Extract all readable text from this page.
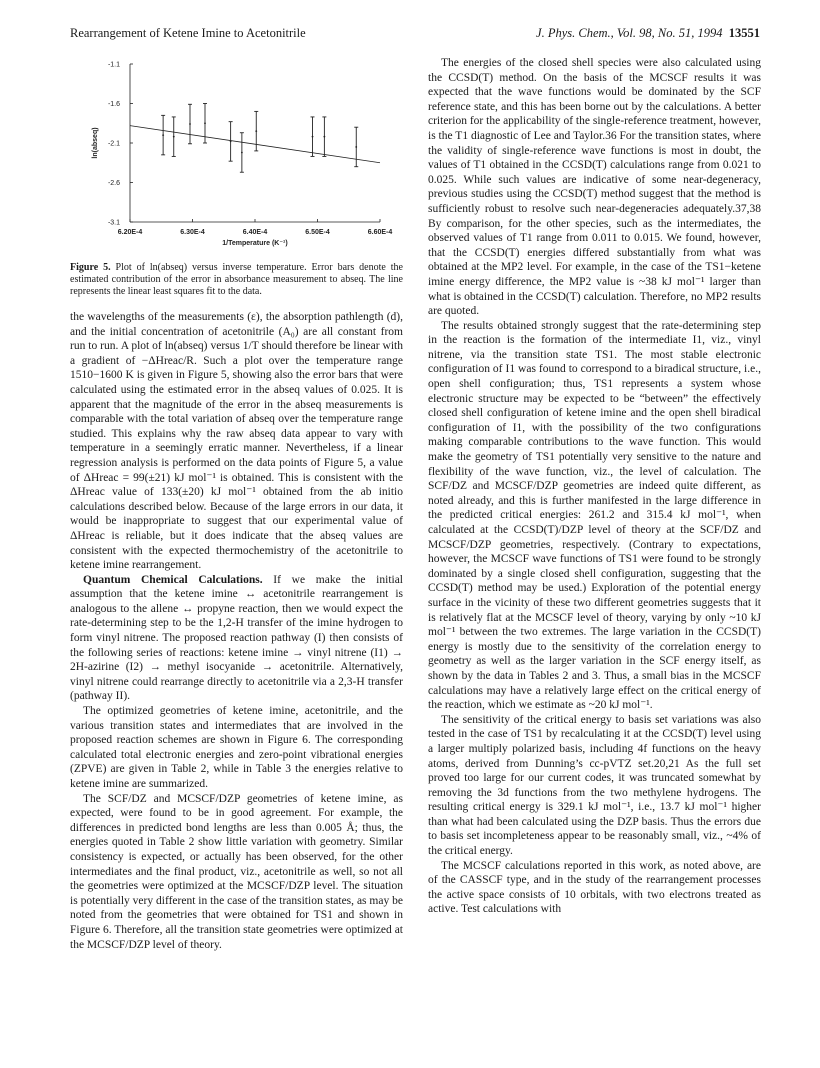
Rearrangement of Ketene Imine to Acetonitrile	J. Phys. Chem., Vol. 98, No. 51, 1994 13551
-1.1
-1.6
-2.1
-2.6
-3.1
6.20E-4	6.30E-4	6.40E-4	6.50E-4	6.60E-4
1/Temperature (K⁻¹)
ln(abseq)
Figure 5. Plot of ln(abseq) versus inverse temperature. Error bars denote the estimated contribution of the error in absorbance measurement to abseq. The line represents the linear least squares fit to the data.

the wavelengths of the measurements (ε), the absorption pathlength (d), and the initial concentration of acetonitrile (A₀) are all constant from run to run. A plot of ln(abseq) versus 1/T should therefore be linear with a gradient of −ΔHreac/R. Such a plot over the temperature range 1510−1600 K is given in Figure 5, showing also the error bars that were calculated using the estimated error in the abseq values of 0.025. It is apparent that the magnitude of the error in the abseq measurements is comparable with the total variation of abseq over the temperature range studied. This explains why the raw abseq data appear to vary with temperature in a seemingly erratic manner. Nevertheless, if a linear regression analysis is performed on the data points of Figure 5, a value of ΔHreac = 99(±21) kJ mol⁻¹ is obtained. This is consistent with the ΔHreac value of 133(±20) kJ mol⁻¹ obtained from the ab initio calculations described below. Because of the large errors in our data, it would be inappropriate to suggest that our experimental value of ΔHreac is reliable, but it does indicate that the abseq values are consistent with the expected thermochemistry of the acetonitrile to ketene imine rearrangement.

Quantum Chemical Calculations. If we make the initial assumption that the ketene imine ↔ acetonitrile rearrangement is analogous to the allene ↔ propyne reaction, then we would expect the rate-determining step to be the 1,2-H transfer of the imine hydrogen to form vinyl nitrene. The proposed reaction pathway (I) then consists of the following series of reactions: ketene imine → vinyl nitrene (I1) → 2H-azirine (I2) → methyl isocyanide → acetonitrile. Alternatively, vinyl nitrene could rearrange directly to acetonitrile via a 2,3-H transfer (pathway II).

The optimized geometries of ketene imine, acetonitrile, and the various transition states and intermediates that are involved in the proposed reaction schemes are shown in Figure 6. The corresponding calculated total electronic energies and zero-point vibrational energies (ZPVE) are given in Table 2, while in Table 3 the energies relative to ketene imine are summarized.

The SCF/DZ and MCSCF/DZP geometries of ketene imine, as expected, were found to be in good agreement. For example, the differences in predicted bond lengths are less than 0.005 Å; thus, the energies quoted in Table 2 show little variation with geometry. Similar consistency is expected, or actually has been observed, for the other intermediates and the final product, viz., acetonitrile as well, so not all the geometries were optimized at the MCSCF/DZP level. The situation is potentially very different in the case of the transition states, as may be noted from the geometries that were obtained for TS1 and shown in Figure 6. Therefore, all the transition state geometries were optimized at the MCSCF/DZP level of theory.

The energies of the closed shell species were also calculated using the CCSD(T) method. On the basis of the MCSCF results it was expected that the wave functions would be dominated by the SCF reference state, and this has been borne out by the calculations. A better criterion for the applicability of the single-reference treatment, however, is the T1 diagnostic of Lee and Taylor.36 For the transition states, where the validity of single-reference wave functions is most in doubt, the values of T1 obtained in the CCSD(T) calculations range from 0.021 to 0.025. While such values are indicative of some near-degeneracy, previous studies using the CCSD(T) method suggest that the method is sufficiently robust to resolve such near-degeneracies adequately.37,38 By comparison, for the other species, such as the intermediates, the observed values of T1 range from 0.011 to 0.015. We found, however, that the CCSD(T) energies differed substantially from what was obtained at the MP2 level. For example, in the case of the TS1−ketene imine energy difference, the MP2 value is ~38 kJ mol⁻¹ larger than what is obtained in the CCSD(T) calculation. Therefore, no MP2 results are quoted.

The results obtained strongly suggest that the rate-determining step in the reaction is the formation of the intermediate I1, viz., vinyl nitrene, via the transition state TS1. The most stable electronic configuration of I1 was found to correspond to a biradical structure, i.e., open shell configuration; thus, TS1 represents a system whose electronic structure may be expected to be “between” the effectively closed shell configuration of ketene imine and the open shell biradical configuration of I1, with the possibility of the two configurations making comparable contributions to the wave function. This would make the geometry of TS1 potentially very sensitive to the nature and flexibility of the wave function, viz., the level of calculation. The SCF/DZ and MCSCF/DZP geometries are indeed quite different, as noted already, and this is further manifested in the large difference in the predicted critical energies: 261.2 and 315.4 kJ mol⁻¹, when calculated at the CCSD(T)/DZP level of theory at the SCF/DZ and MCSCF/DZP geometries, respectively. (Contrary to expectations, however, the MCSCF wave functions of TS1 were found to be strongly dominated by a single closed shell configuration, suggesting that the CCSD(T) method may be used.) Exploration of the potential energy surface in the vicinity of these two different geometries suggests that it is relatively flat at the MCSCF level of theory, varying by only ~10 kJ mol⁻¹ between the two extremes. The large variation in the CCSD(T) energy is mostly due to the sensitivity of the correlation energy to geometry as well as the larger variation in the SCF energy itself, as shown by the data in Tables 2 and 3. Thus, a small bias in the MCSCF calculations may have a relatively large effect on the critical energy of the reaction, which we estimate as ~20 kJ mol⁻¹.

The sensitivity of the critical energy to basis set variations was also tested in the case of TS1 by recalculating it at the CCSD(T) level using a larger multiply polarized basis, including 4f functions on the heavy atoms, derived from Dunning’s cc-pVTZ set.20,21 As the full set proved too large for our current codes, it was truncated somewhat by removing the 3d functions from the two methylene hydrogens. The resulting critical energy is 329.1 kJ mol⁻¹, i.e., 13.7 kJ mol⁻¹ higher than what had been calculated using the DZP basis. Thus the errors due to basis set incompleteness appear to be reasonably small, viz., ~4% of the critical energy.

The MCSCF calculations reported in this work, as noted above, are of the CASSCF type, and in the study of the rearrangement processes the active space consists of 10 orbitals, with two electrons treated as active. Test calculations with
